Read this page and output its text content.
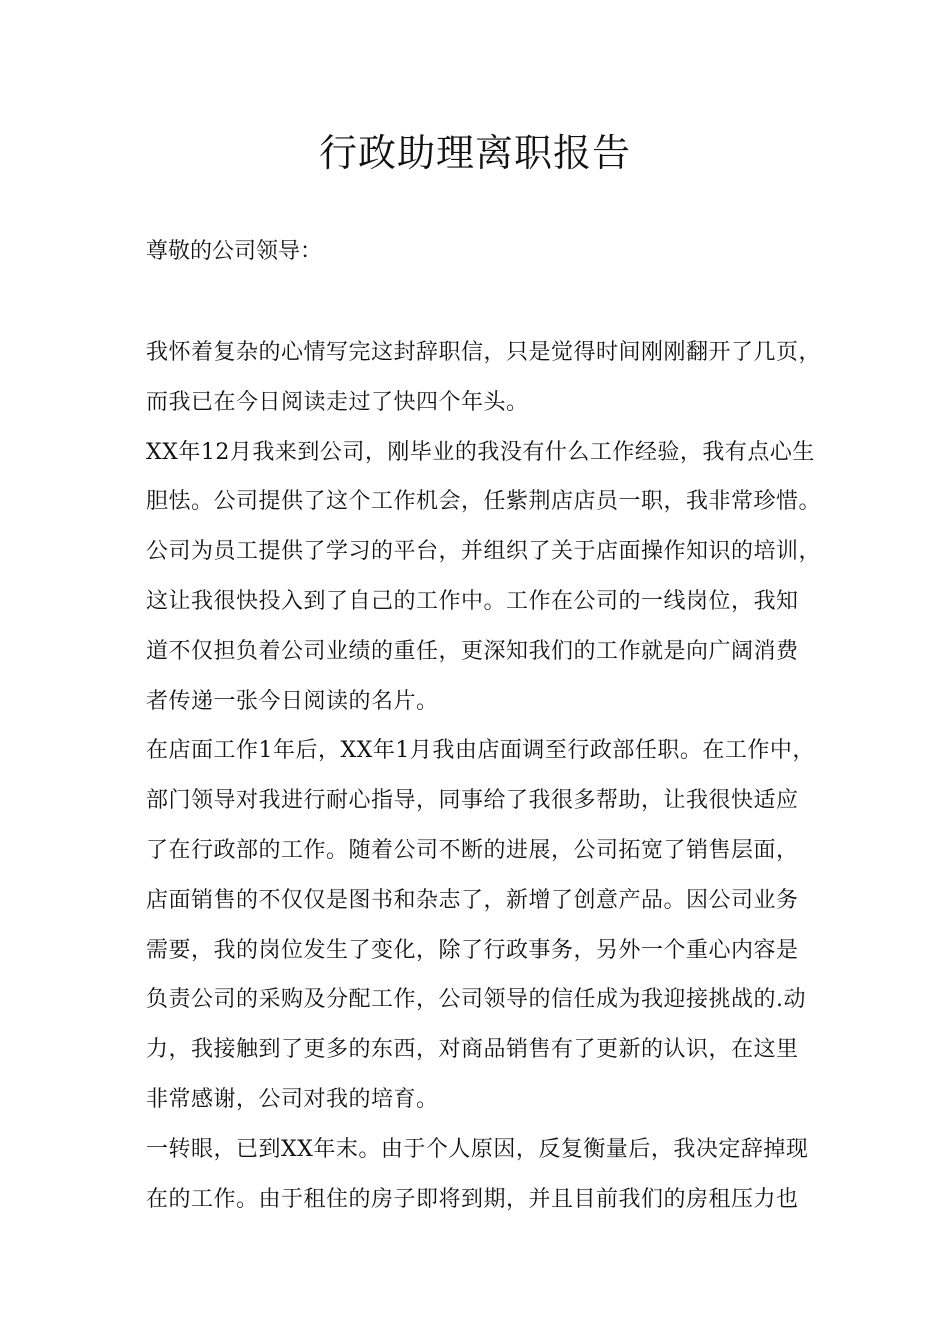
行政助理离职报告

尊敬的公司领导：

我怀着复杂的心情写完这封辞职信，只是觉得时间刚刚翻开了几页，
而我已在今日阅读走过了快四个年头。
XX年12月我来到公司，刚毕业的我没有什么工作经验，我有点心生
胆怯。公司提供了这个工作机会，任紫荆店店员一职，我非常珍惜。
公司为员工提供了学习的平台，并组织了关于店面操作知识的培训，
这让我很快投入到了自己的工作中。工作在公司的一线岗位，我知
道不仅担负着公司业绩的重任，更深知我们的工作就是向广阔消费
者传递一张今日阅读的名片。
在店面工作1年后，XX年1月我由店面调至行政部任职。在工作中，
部门领导对我进行耐心指导，同事给了我很多帮助，让我很快适应
了在行政部的工作。随着公司不断的进展，公司拓宽了销售层面，
店面销售的不仅仅是图书和杂志了，新增了创意产品。因公司业务
需要，我的岗位发生了变化，除了行政事务，另外一个重心内容是
负责公司的采购及分配工作，公司领导的信任成为我迎接挑战的.动
力，我接触到了更多的东西，对商品销售有了更新的认识，在这里
非常感谢，公司对我的培育。
一转眼，已到XX年末。由于个人原因，反复衡量后，我决定辞掉现
在的工作。由于租住的房子即将到期，并且目前我们的房租压力也
